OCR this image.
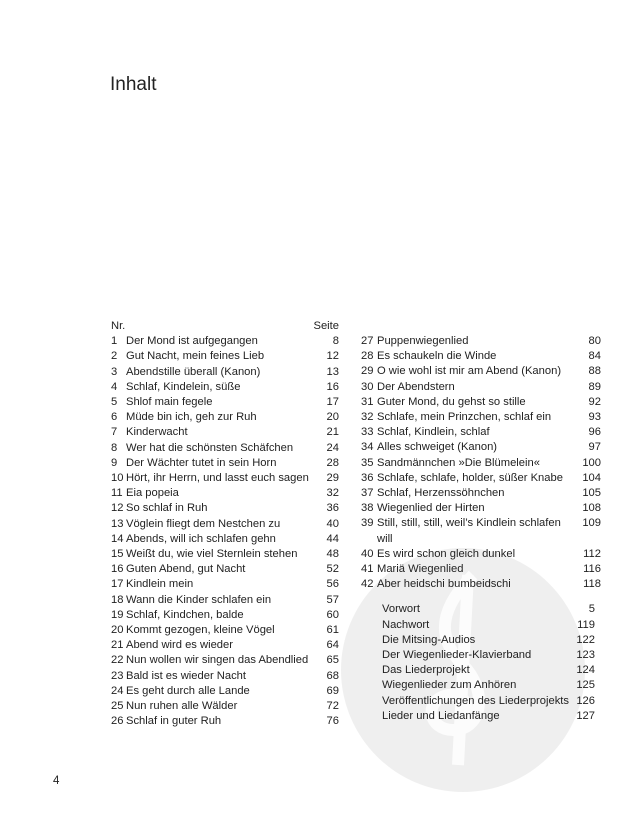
Inhalt
Nr.	Seite
1 Der Mond ist aufgegangen	8
2 Gut Nacht, mein feines Lieb	12
3 Abendstille überall (Kanon)	13
4 Schlaf, Kindelein, süße	16
5 Shlof main fegele	17
6 Müde bin ich, geh zur Ruh	20
7 Kinderwacht	21
8 Wer hat die schönsten Schäfchen	24
9 Der Wächter tutet in sein Horn	28
10 Hört, ihr Herrn, und lasst euch sagen	29
11 Eia popeia	32
12 So schlaf in Ruh	36
13 Vöglein fliegt dem Nestchen zu	40
14 Abends, will ich schlafen gehn	44
15 Weißt du, wie viel Sternlein stehen	48
16 Guten Abend, gut Nacht	52
17 Kindlein mein	56
18 Wann die Kinder schlafen ein	57
19 Schlaf, Kindchen, balde	60
20 Kommt gezogen, kleine Vögel	61
21 Abend wird es wieder	64
22 Nun wollen wir singen das Abendlied	65
23 Bald ist es wieder Nacht	68
24 Es geht durch alle Lande	69
25 Nun ruhen alle Wälder	72
26 Schlaf in guter Ruh	76
27 Puppenwiegenlied	80
28 Es schaukeln die Winde	84
29 O wie wohl ist mir am Abend (Kanon)	88
30 Der Abendstern	89
31 Guter Mond, du gehst so stille	92
32 Schlafe, mein Prinzchen, schlaf ein	93
33 Schlaf, Kindlein, schlaf	96
34 Alles schweiget (Kanon)	97
35 Sandmännchen »Die Blümelein«	100
36 Schlafe, schlafe, holder, süßer Knabe	104
37 Schlaf, Herzenssöhnchen	105
38 Wiegenlied der Hirten	108
39 Still, still, still, weil’s Kindlein schlafen will
109
40 Es wird schon gleich dunkel	112
41 Mariä Wiegenlied	116
42 Aber heidschi bumbeidschi	118
Vorwort	5
Nachwort	119
Die Mitsing-Audios	122
Der Wiegenlieder-Klavierband	123
Das Liederprojekt	124
Wiegenlieder zum Anhören	125
Veröffentlichungen des Liederprojekts 126
Lieder und Liedanfänge	127
4
